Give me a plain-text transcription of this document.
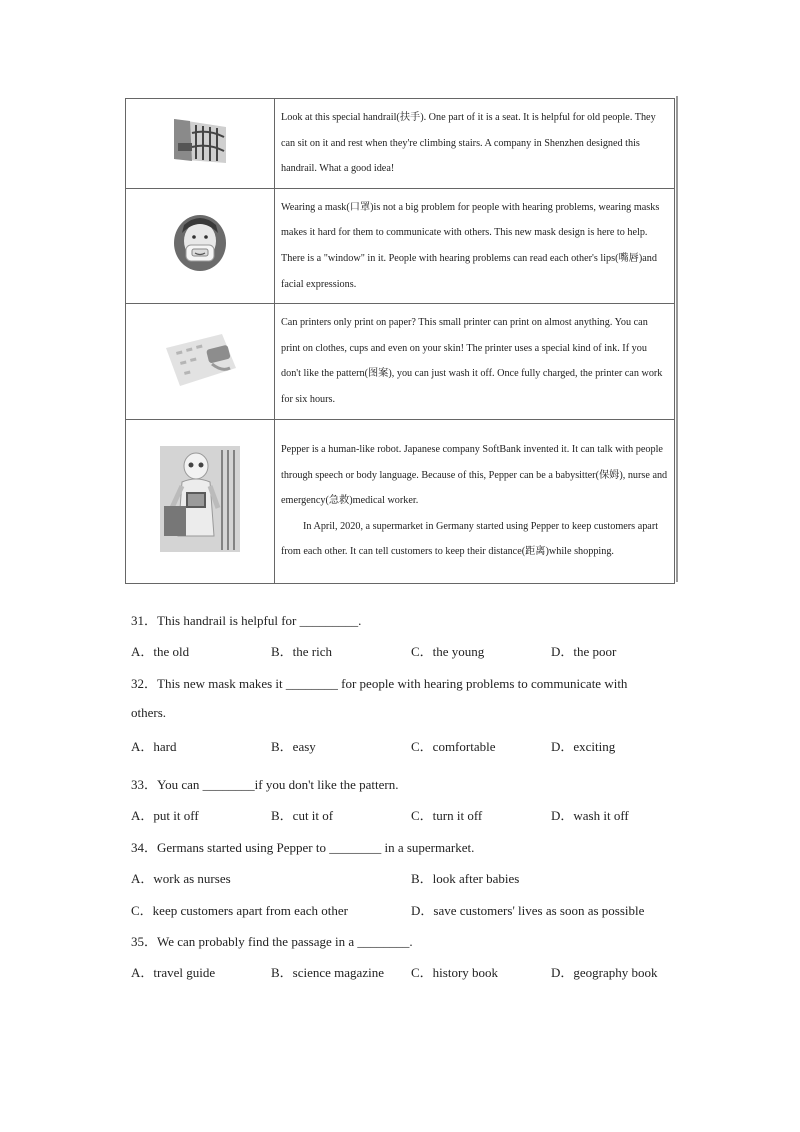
Look at this special handrail(扶手). One part of it is a seat. It is helpful for old people. They can sit on it and rest when they're climbing stairs. A company in Shenzhen designed this handrail. What a good idea!

Wearing a mask(口罩)is not a big problem for people with hearing problems, wearing masks makes it hard for them to communicate with others. This new mask design is here to help. There is a "window" in it. People with hearing problems can read each other's lips(嘴唇)and facial expressions.

Can printers only print on paper? This small printer can print on almost anything. You can print on clothes, cups and even on your skin! The printer uses a special kind of ink. If you don't like the pattern(图案), you can just wash it off. Once fully charged, the printer can work for six hours.

Pepper is a human-like robot. Japanese company SoftBank invented it. It can talk with people through speech or body language. Because of this, Pepper can be a babysitter(保姆), nurse and emergency(急救)medical worker.
In April, 2020, a supermarket in Germany started using Pepper to keep customers apart from each other. It can tell customers to keep their distance(距离)while shopping.
31．This handrail is helpful for _________.
A．the old	B．the rich	C．the young	D．the poor
32．This new mask makes it ________ for people with hearing problems to communicate with
others.
A．hard	B．easy	C．comfortable	D．exciting
33．You can ________if you don't like the pattern.
A．put it off	B．cut it of	C．turn it off	D．wash it off
34．Germans started using Pepper to ________ in a supermarket.
A．work as nurses	B．look after babies
C．keep customers apart from each other	D．save customers' lives as soon as possible
35．We can probably find the passage in a ________.
A．travel guide	B．science magazine C．history book	D．geography book
